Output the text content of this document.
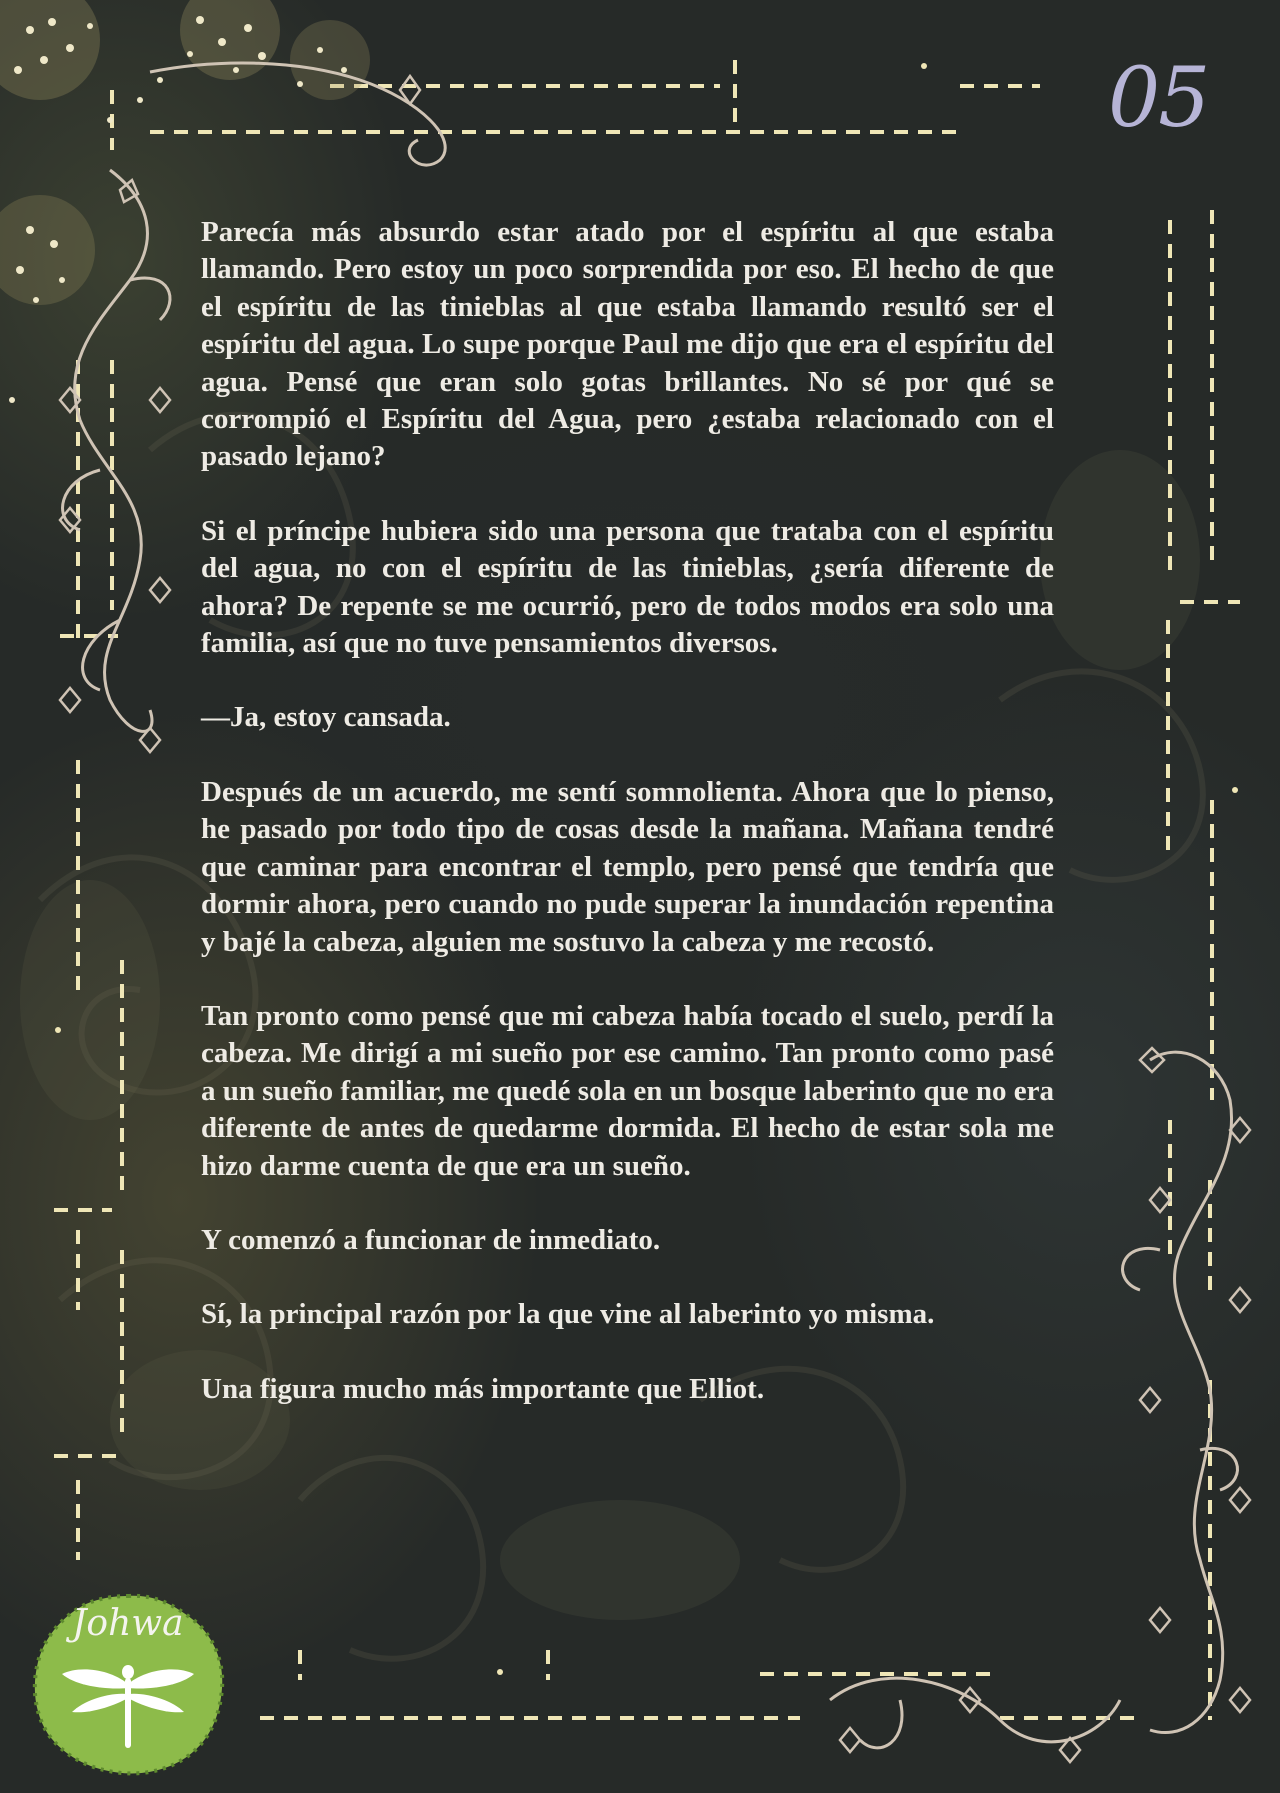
05

Parecía más absurdo estar atado por el espíritu al que estaba llamando. Pero estoy un poco sorprendida por eso. El hecho de que el espíritu de las tinieblas al que estaba llamando resultó ser el espíritu del agua. Lo supe porque Paul me dijo que era el espíritu del agua. Pensé que eran solo gotas brillantes. No sé por qué se corrompió el Espíritu del Agua, pero ¿estaba relacionado con el pasado lejano?

Si el príncipe hubiera sido una persona que trataba con el espíritu del agua, no con el espíritu de las tinieblas, ¿sería diferente de ahora? De repente se me ocurrió, pero de todos modos era solo una familia, así que no tuve pensamientos diversos.

—Ja, estoy cansada.

Después de un acuerdo, me sentí somnolienta. Ahora que lo pienso, he pasado por todo tipo de cosas desde la mañana. Mañana tendré que caminar para encontrar el templo, pero pensé que tendría que dormir ahora, pero cuando no pude superar la inundación repentina y bajé la cabeza, alguien me sostuvo la cabeza y me recostó.

Tan pronto como pensé que mi cabeza había tocado el suelo, perdí la cabeza. Me dirigí a mi sueño por ese camino. Tan pronto como pasé a un sueño familiar, me quedé sola en un bosque laberinto que no era diferente de antes de quedarme dormida. El hecho de estar sola me hizo darme cuenta de que era un sueño.

Y comenzó a funcionar de inmediato.

Sí, la principal razón por la que vine al laberinto yo misma.

Una figura mucho más importante que Elliot.

Johwa
